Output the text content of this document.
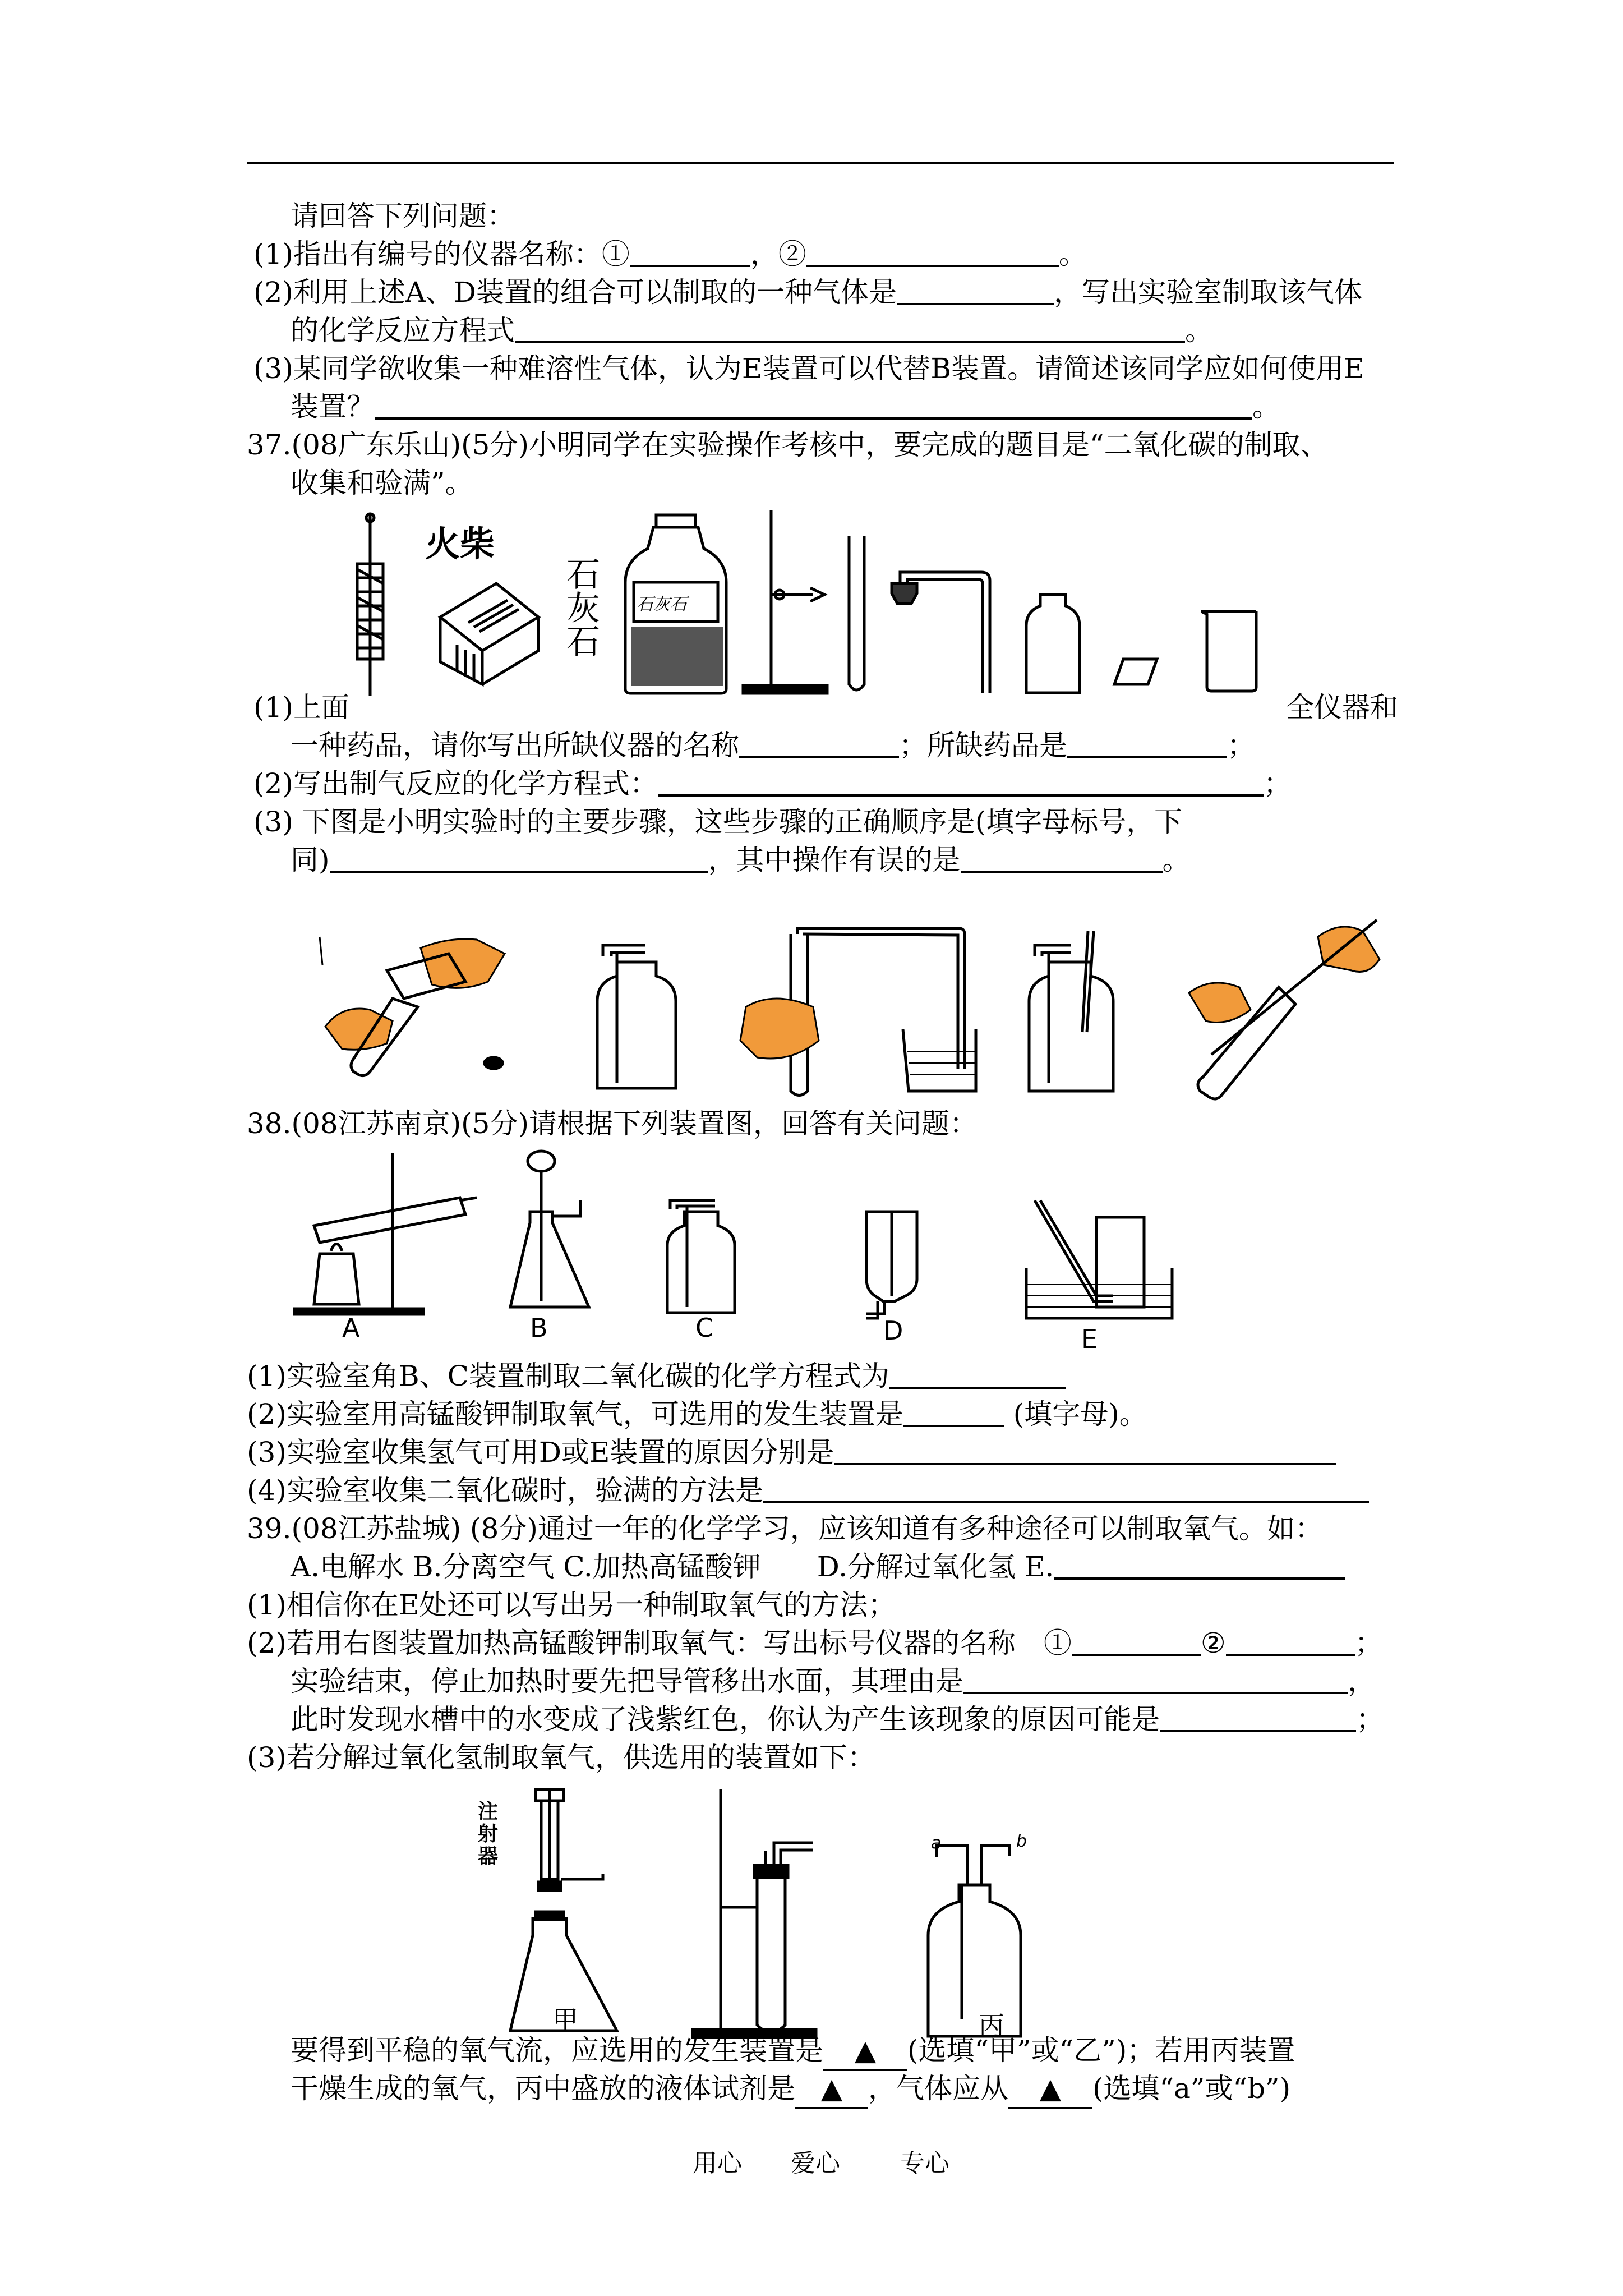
请回答下列问题：
(1)指出有编号的仪器名称：①	，②	。
(2)利用上述A、D装置的组合可以制取的一种气体是	，写出实验室制取该气体
的化学反应方程式	。
(3)某同学欲收集一种难溶性气体，认为E装置可以代替B装置。请简述该同学应如何使用E
装置？	。
37.(08广东乐山)(5分)小明同学在实验操作考核中，要完成的题目是“二氧化碳的制取、
收集和验满”。
火柴
石
灰
石
石灰石
(1)上面	全仪器和
一种药品，请你写出所缺仪器的名称	；所缺药品是	；
(2)写出制气反应的化学方程式：	；
(3) 下图是小明实验时的主要步骤，这些步骤的正确顺序是(填字母标号，下
同)	，其中操作有误的是	。
38.(08江苏南京)(5分)请根据下列装置图，回答有关问题：
A	B	C	D	E
(1)实验室角B、C装置制取二氧化碳的化学方程式为
(2)实验室用高锰酸钾制取氧气，可选用的发生装置是	(填字母)。
(3)实验室收集氢气可用D或E装置的原因分别是
(4)实验室收集二氧化碳时，验满的方法是
39.(08江苏盐城) (8分)通过一年的化学学习，应该知道有多种途径可以制取氧气。如：
A.电解水 B.分离空气 C.加热高锰酸钾　　D.分解过氧化氢 E.
(1)相信你在E处还可以写出另一种制取氧气的方法；
(2)若用右图装置加热高锰酸钾制取氧气：写出标号仪器的名称　①	②	；
实验结束，停止加热时要先把导管移出水面，其理由是	，
此时发现水槽中的水变成了浅紫红色，你认为产生该现象的原因可能是	；
(3)若分解过氧化氢制取氧气，供选用的装置如下：
注
射
器
甲
a	b
丙
要得到平稳的氧气流，应选用的发生装置是 ▲ (选填“甲”或“乙”)；若用丙装置
干燥生成的氧气，丙中盛放的液体试剂是 ▲ ，气体应从 ▲ (选填“a”或“b”)
用心 爱心 专心
